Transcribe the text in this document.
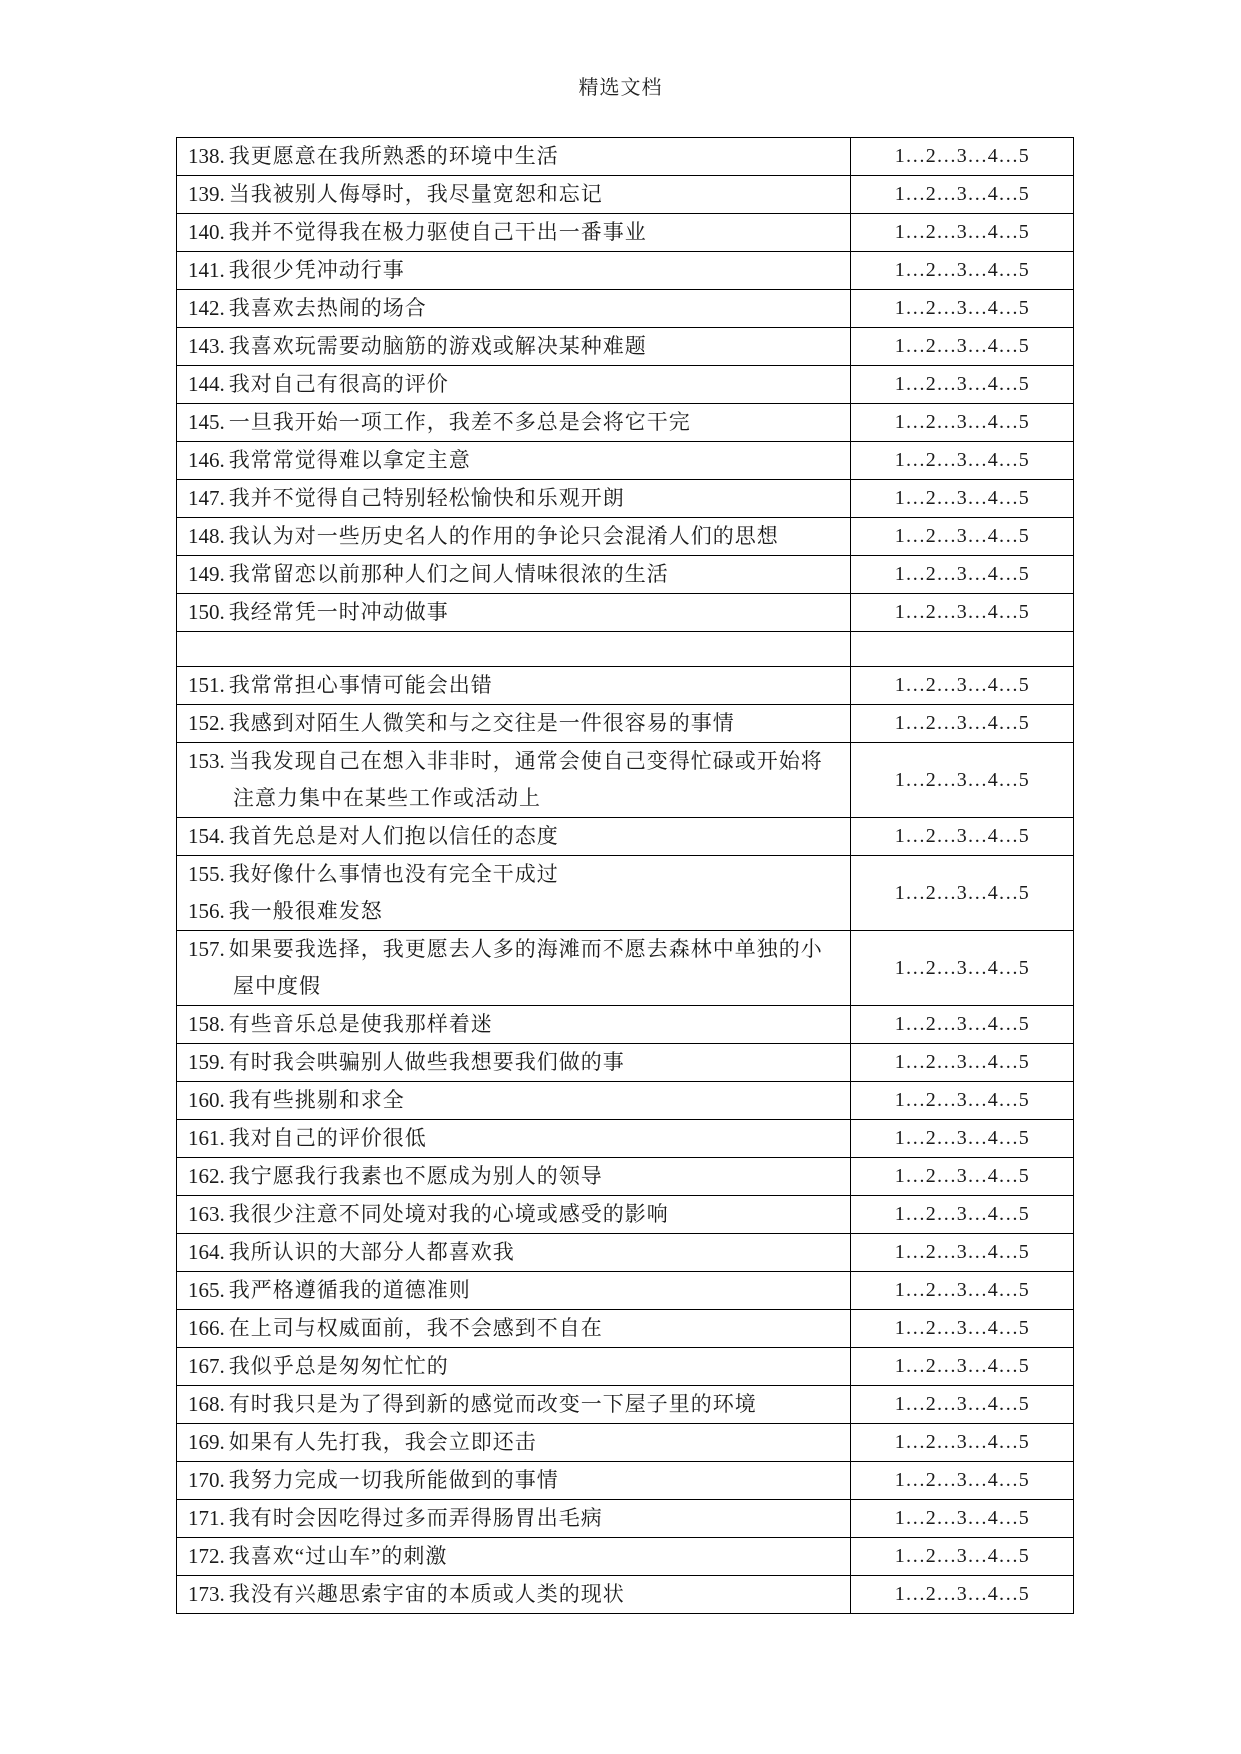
精选文档
138. 我更愿意在我所熟悉的环境中生活	1…2…3…4…5

139. 当我被别人侮辱时，我尽量宽恕和忘记	1…2…3…4…5

140. 我并不觉得我在极力驱使自己干出一番事业	1…2…3…4…5

141. 我很少凭冲动行事	1…2…3…4…5

142. 我喜欢去热闹的场合	1…2…3…4…5

143. 我喜欢玩需要动脑筋的游戏或解决某种难题	1…2…3…4…5

144. 我对自己有很高的评价	1…2…3…4…5

145. 一旦我开始一项工作，我差不多总是会将它干完	1…2…3…4…5

146. 我常常觉得难以拿定主意	1…2…3…4…5

147. 我并不觉得自己特别轻松愉快和乐观开朗	1…2…3…4…5

148. 我认为对一些历史名人的作用的争论只会混淆人们的思想	1…2…3…4…5

149. 我常留恋以前那种人们之间人情味很浓的生活	1…2…3…4…5

150. 我经常凭一时冲动做事	1…2…3…4…5

151. 我常常担心事情可能会出错	1…2…3…4…5

152. 我感到对陌生人微笑和与之交往是一件很容易的事情	1…2…3…4…5

153. 当我发现自己在想入非非时，通常会使自己变得忙碌或开始将
注意力集中在某些工作或活动上	1…2…3…4…5

154. 我首先总是对人们抱以信任的态度	1…2…3…4…5

155. 我好像什么事情也没有完全干成过
156. 我一般很难发怒	1…2…3…4…5

157. 如果要我选择，我更愿去人多的海滩而不愿去森林中单独的小
屋中度假	1…2…3…4…5

158. 有些音乐总是使我那样着迷	1…2…3…4…5

159. 有时我会哄骗别人做些我想要我们做的事	1…2…3…4…5

160. 我有些挑剔和求全	1…2…3…4…5

161. 我对自己的评价很低	1…2…3…4…5

162. 我宁愿我行我素也不愿成为别人的领导	1…2…3…4…5

163. 我很少注意不同处境对我的心境或感受的影响	1…2…3…4…5

164. 我所认识的大部分人都喜欢我	1…2…3…4…5

165. 我严格遵循我的道德准则	1…2…3…4…5

166. 在上司与权威面前，我不会感到不自在	1…2…3…4…5

167. 我似乎总是匆匆忙忙的	1…2…3…4…5

168. 有时我只是为了得到新的感觉而改变一下屋子里的环境	1…2…3…4…5

169. 如果有人先打我，我会立即还击	1…2…3…4…5

170. 我努力完成一切我所能做到的事情	1…2…3…4…5

171. 我有时会因吃得过多而弄得肠胃出毛病	1…2…3…4…5

172. 我喜欢“过山车”的刺激	1…2…3…4…5

173. 我没有兴趣思索宇宙的本质或人类的现状	1…2…3…4…5
